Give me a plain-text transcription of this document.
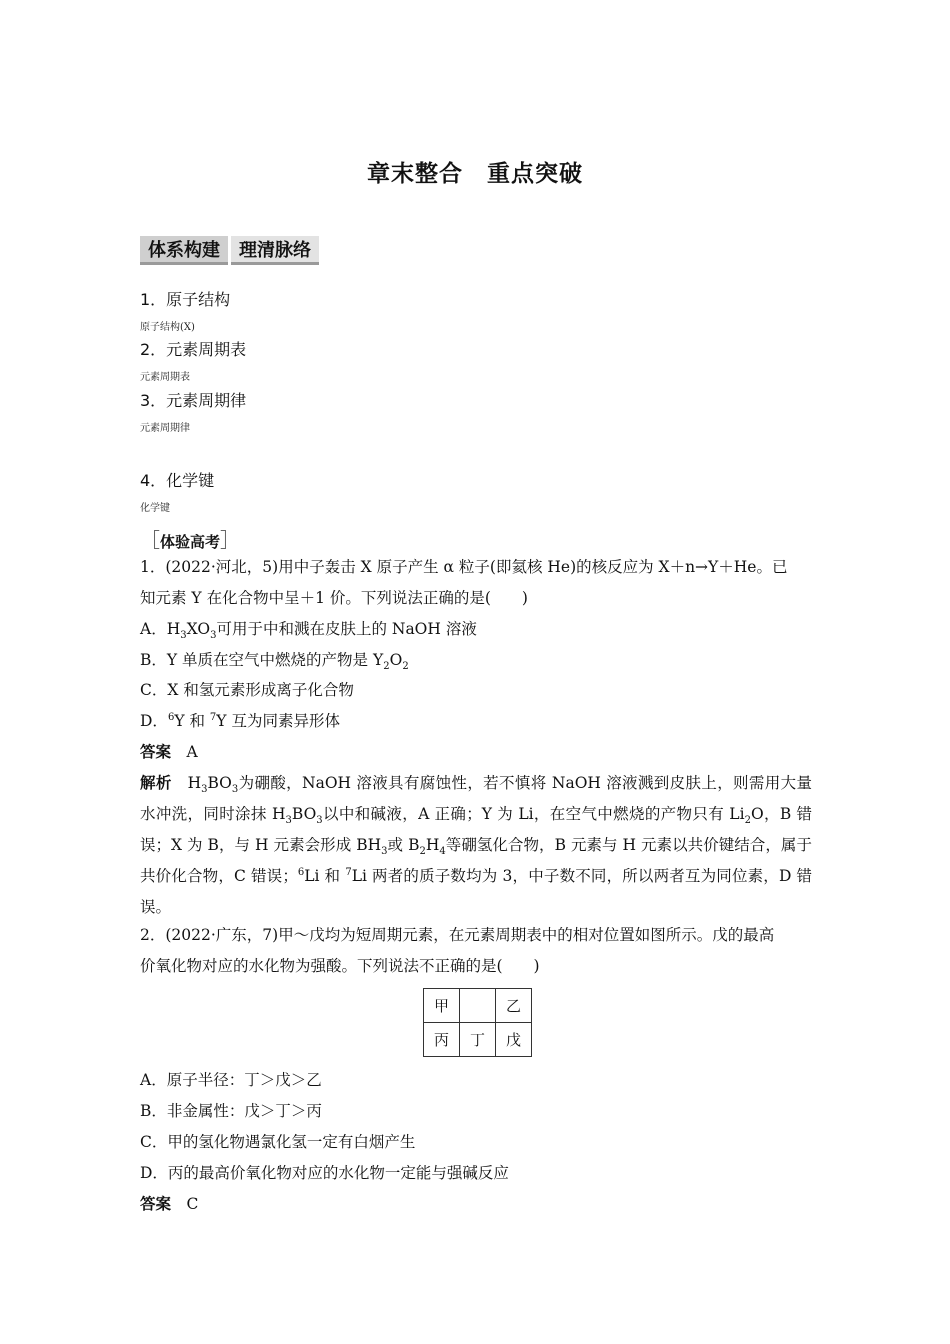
章末整合　重点突破
体系构建	理清脉络
1．原子结构
原子结构(X)
2．元素周期表
元素周期表
3．元素周期律
元素周期律
4．化学键
化学键
［体验高考］
1．(2022·河北，5)用中子轰击 X 原子产生 α 粒子(即氦核 He)的核反应为 X＋n→Y＋He。已
知元素 Y 在化合物中呈＋1 价。下列说法正确的是(　　)
A．$H_3XO_3$可用于中和溅在皮肤上的 NaOH 溶液
B．Y 单质在空气中燃烧的产物是 $Y_2O_2$
C．X 和氢元素形成离子化合物
D．$^6$Y 和 $^7$Y 互为同素异形体
答案　 A
解析　 $H_3BO_3$为硼酸，NaOH 溶液具有腐蚀性，若不慎将 NaOH 溶液溅到皮肤上，则需用大量水冲洗，同时涂抹 $H_3BO_3$以中和碱液，A 正确；Y 为 Li，在空气中燃烧的产物只有 $Li_2O$，B 错误；X 为 B，与 H 元素会形成 $BH_3$或 $B_2H_4$等硼氢化合物，B 元素与 H 元素以共价键结合，属于共价化合物，C 错误；$^6$Li 和 $^7$Li 两者的质子数均为 3，中子数不同，所以两者互为同位素，D 错误。
2．(2022·广东，7)甲～戊均为短周期元素，在元素周期表中的相对位置如图所示。戊的最高
价氧化物对应的水化物为强酸。下列说法不正确的是(　　)
甲		乙
丙	丁	戊
A．原子半径：丁＞戊＞乙
B．非金属性：戊＞丁＞丙
C．甲的氢化物遇氯化氢一定有白烟产生
D．丙的最高价氧化物对应的水化物一定能与强碱反应
答案　 C
